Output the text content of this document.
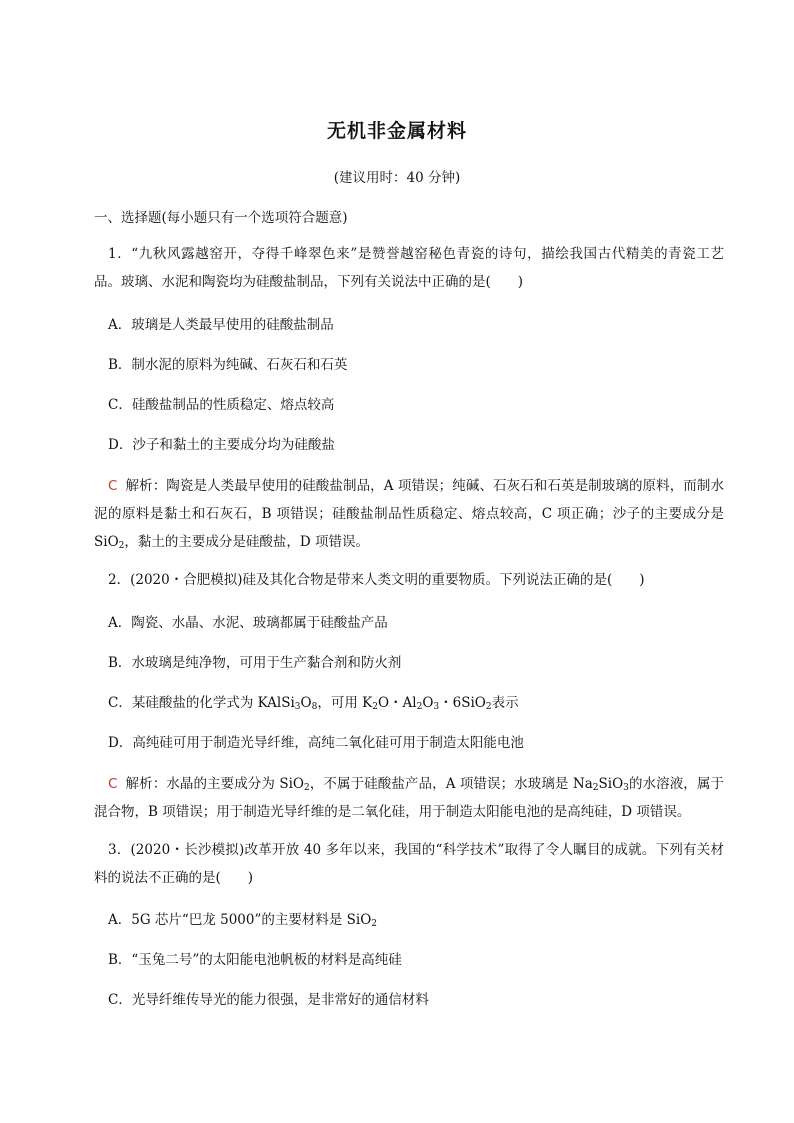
无机非金属材料
(建议用时：40 分钟)
一、选择题(每小题只有一个选项符合题意)
1．“九秋风露越窑开，夺得千峰翠色来”是赞誉越窑秘色青瓷的诗句，描绘我国古代精美的青瓷工艺品。玻璃、水泥和陶瓷均为硅酸盐制品，下列有关说法中正确的是(　　)
A．玻璃是人类最早使用的硅酸盐制品
B．制水泥的原料为纯碱、石灰石和石英
C．硅酸盐制品的性质稳定、熔点较高
D．沙子和黏土的主要成分均为硅酸盐
C 解析：陶瓷是人类最早使用的硅酸盐制品，A 项错误；纯碱、石灰石和石英是制玻璃的原料，而制水泥的原料是黏土和石灰石，B 项错误；硅酸盐制品性质稳定、熔点较高，C 项正确；沙子的主要成分是 SiO$_2$，黏土的主要成分是硅酸盐，D 项错误。
2．(2020・合肥模拟)硅及其化合物是带来人类文明的重要物质。下列说法正确的是(　　)
A．陶瓷、水晶、水泥、玻璃都属于硅酸盐产品
B．水玻璃是纯净物，可用于生产黏合剂和防火剂
C．某硅酸盐的化学式为 $KAlSi_3O_8$，可用 $K_2O$・$Al_2O_3$・6SiO$_2$表示
D．高纯硅可用于制造光导纤维，高纯二氧化硅可用于制造太阳能电池
C 解析：水晶的主要成分为 SiO$_2$，不属于硅酸盐产品，A 项错误；水玻璃是 $Na_2SiO_3$的水溶液，属于混合物，B 项错误；用于制造光导纤维的是二氧化硅，用于制造太阳能电池的是高纯硅，D 项错误。
3．(2020・长沙模拟)改革开放 40 多年以来，我国的“科学技术”取得了令人瞩目的成就。下列有关材料的说法不正确的是(　　)
A．5G 芯片“巴龙 5000”的主要材料是 SiO$_2$
B．“玉兔二号”的太阳能电池帆板的材料是高纯硅
C．光导纤维传导光的能力很强，是非常好的通信材料
